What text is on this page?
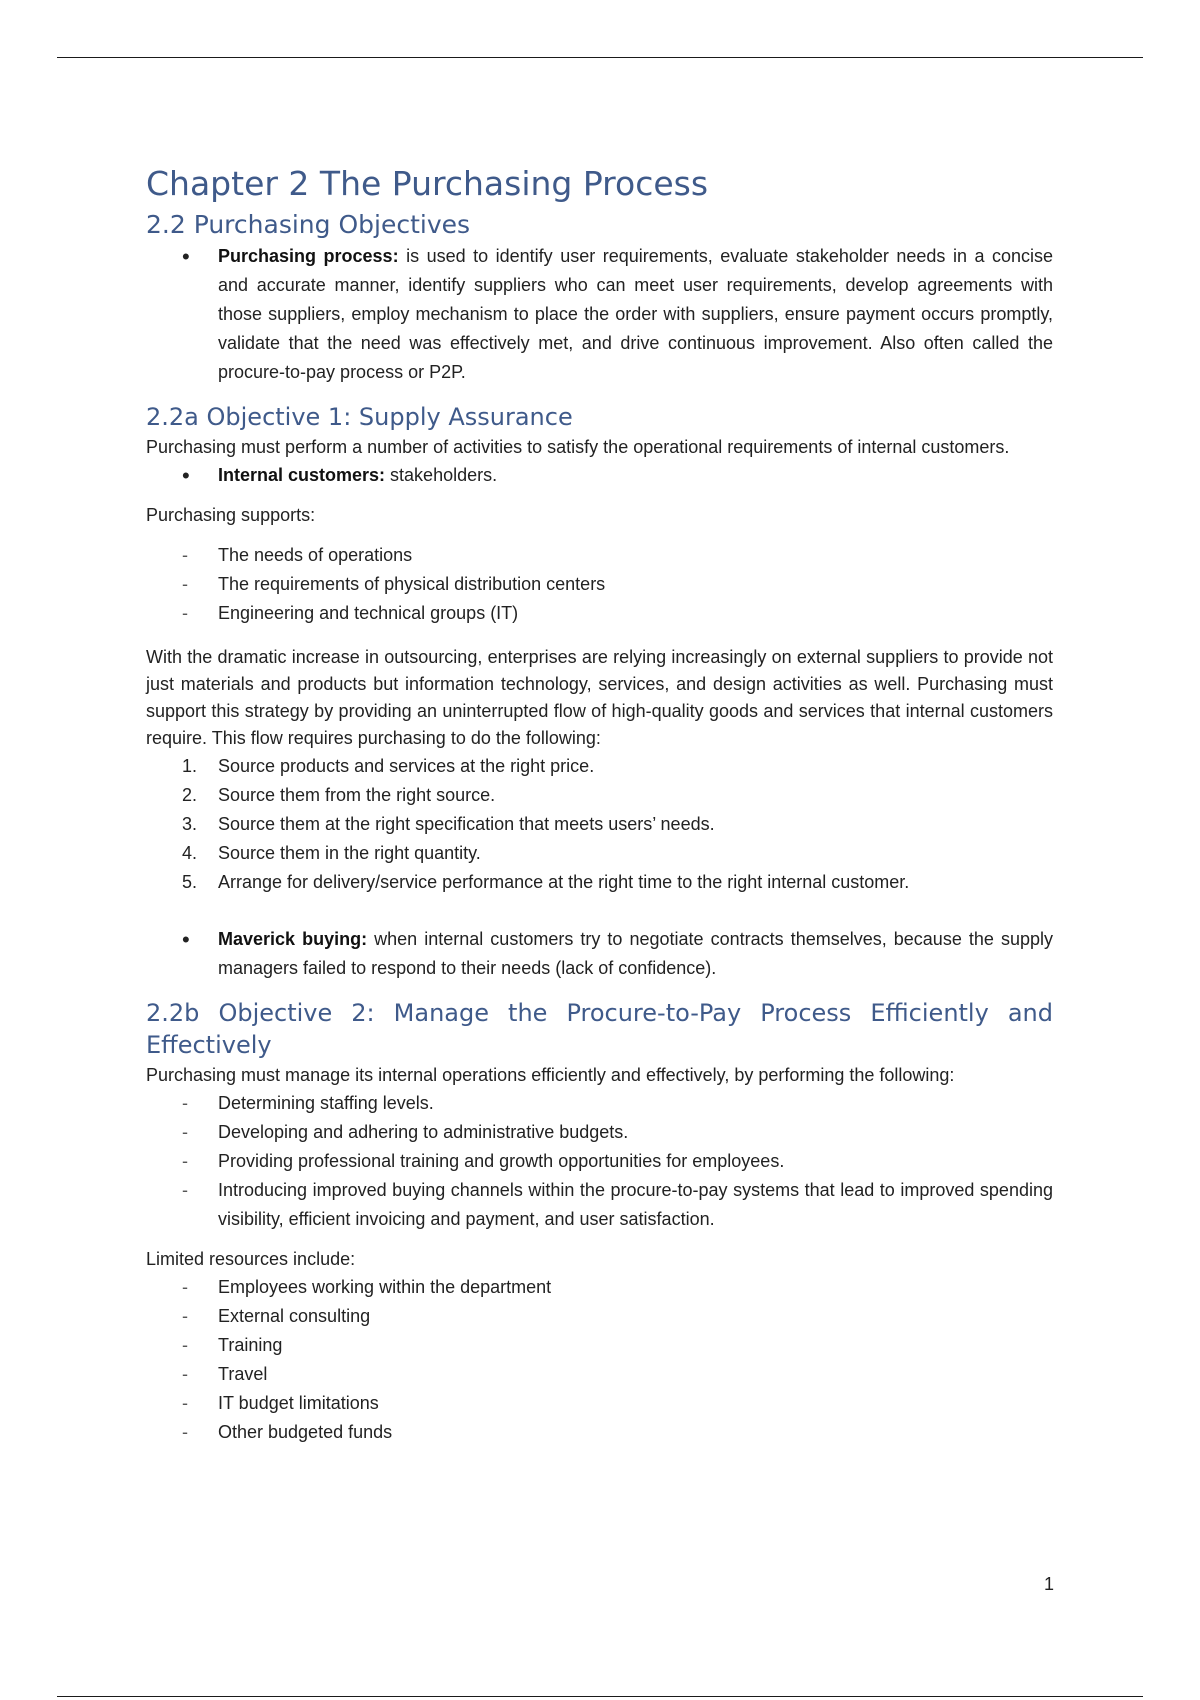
Chapter 2 The Purchasing Process
2.2 Purchasing Objectives
• Purchasing process: is used to identify user requirements, evaluate stakeholder needs in a concise and accurate manner, identify suppliers who can meet user requirements, develop agreements with those suppliers, employ mechanism to place the order with suppliers, ensure payment occurs promptly, validate that the need was effectively met, and drive continuous improvement. Also often called the procure-to-pay process or P2P.
2.2a Objective 1: Supply Assurance

Purchasing must perform a number of activities to satisfy the operational requirements of internal customers.

• Internal customers: stakeholders.

Purchasing supports:

- The needs of operations
- The requirements of physical distribution centers
- Engineering and technical groups (IT)

With the dramatic increase in outsourcing, enterprises are relying increasingly on external suppliers to provide not just materials and products but information technology, services, and design activities as well. Purchasing must support this strategy by providing an uninterrupted flow of high-quality goods and services that internal customers require. This flow requires purchasing to do the following:

1.	Source products and services at the right price.
2.	Source them from the right source.
3.	Source them at the right specification that meets users’ needs.
4.	Source them in the right quantity.
5.	Arrange for delivery/service performance at the right time to the right internal customer.
• Maverick buying: when internal customers try to negotiate contracts themselves, because the supply managers failed to respond to their needs (lack of confidence).
2.2b Objective 2: Manage the Procure-to-Pay Process Efficiently and Effectively

Purchasing must manage its internal operations efficiently and effectively, by performing the following:

- Determining staffing levels.
- Developing and adhering to administrative budgets.
- Providing professional training and growth opportunities for employees.
- Introducing improved buying channels within the procure-to-pay systems that lead to improved spending visibility, efficient invoicing and payment, and user satisfaction.

Limited resources include:

- Employees working within the department
- External consulting
- Training
- Travel
- IT budget limitations
- Other budgeted funds
1
